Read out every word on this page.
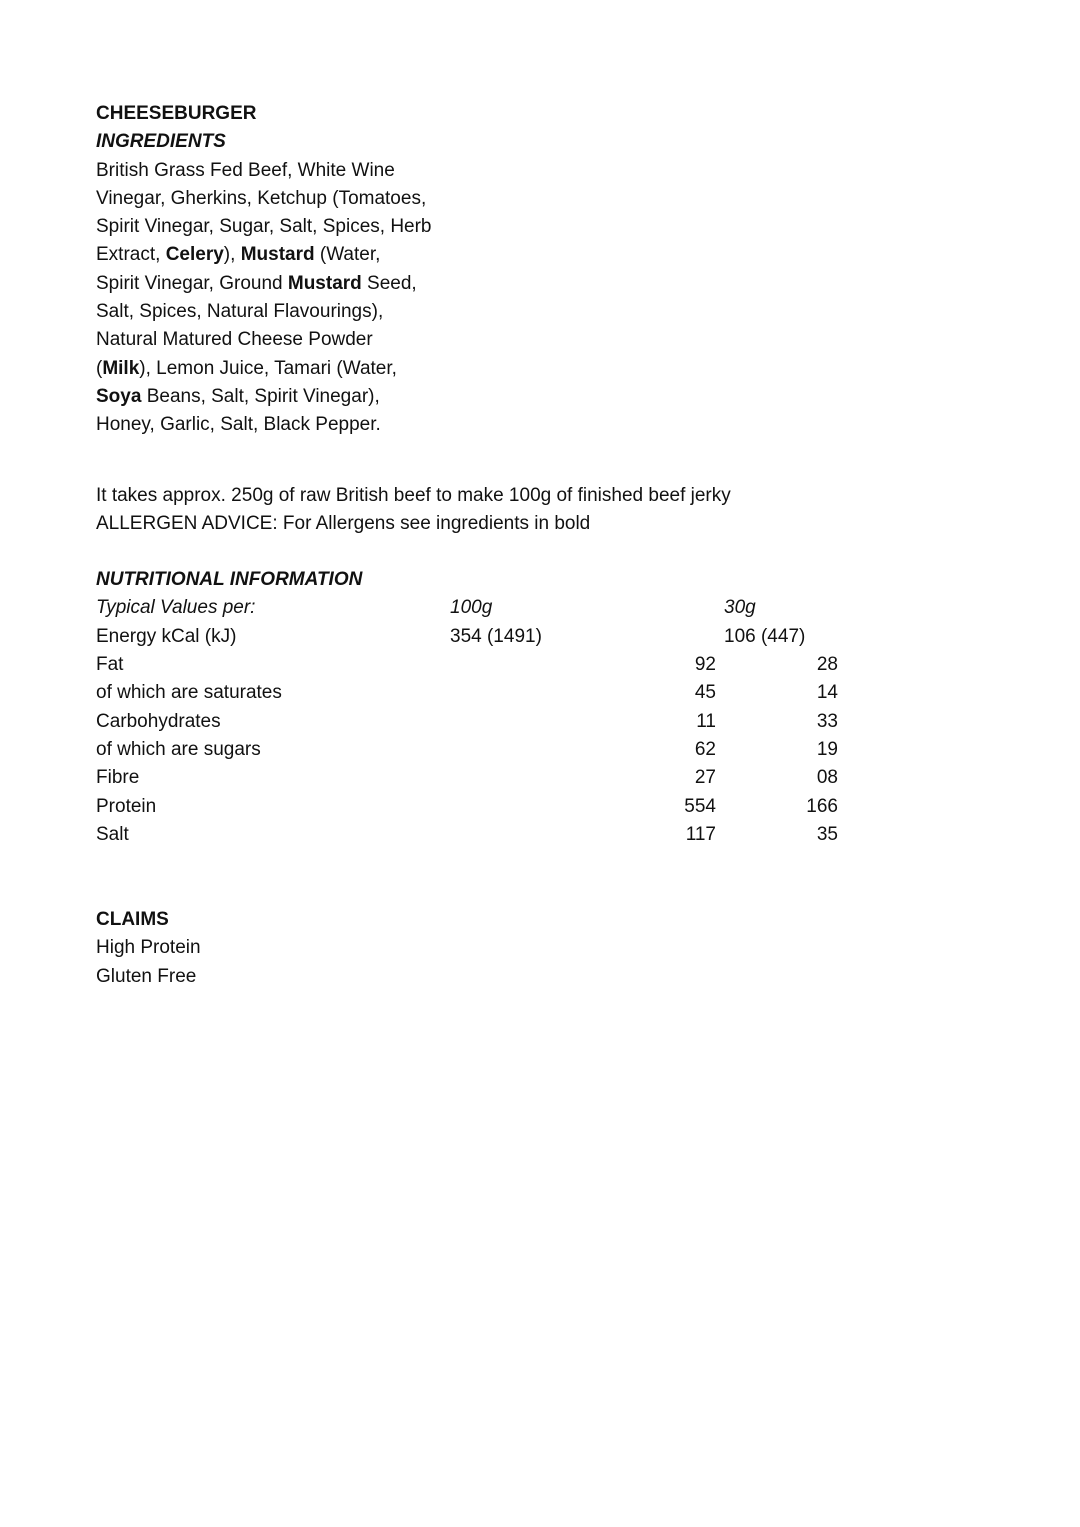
CHEESEBURGER
INGREDIENTS
British Grass Fed Beef, White Wine
Vinegar, Gherkins, Ketchup (Tomatoes,
Spirit Vinegar, Sugar, Salt, Spices, Herb
Extract, Celery), Mustard (Water,
Spirit Vinegar, Ground Mustard Seed,
Salt, Spices, Natural Flavourings),
Natural Matured Cheese Powder
(Milk), Lemon Juice, Tamari (Water,
Soya Beans, Salt, Spirit Vinegar),
Honey, Garlic, Salt, Black Pepper.
It takes approx. 250g of raw British beef to make 100g of finished beef jerky
ALLERGEN ADVICE: For Allergens see ingredients in bold
NUTRITIONAL INFORMATION
Typical Values per:	100g	30g
Energy kCal (kJ)	354 (1491)	106 (447)
Fat	92	28
of which are saturates	45	14
Carbohydrates	11	33
of which are sugars	62	19
Fibre	27	08
Protein	554	166
Salt	117	35
CLAIMS
High Protein
Gluten Free
